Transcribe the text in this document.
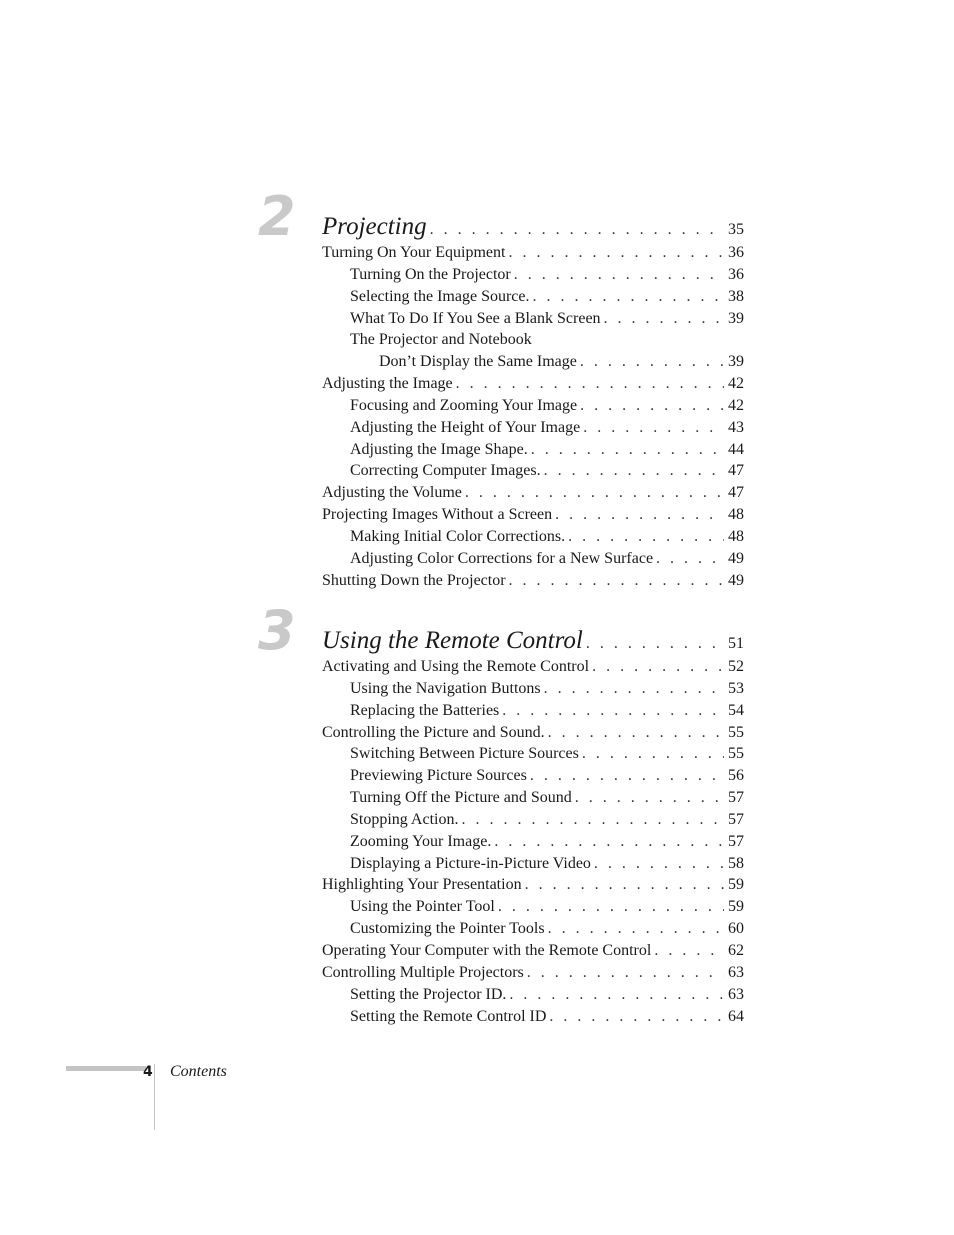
2 Projecting . . .	35
Turning On Your Equipment . . .	36
Turning On the Projector . . .	36
Selecting the Image Source. . . .	38
What To Do If You See a Blank Screen . . .	39
The Projector and Notebook
Don’t Display the Same Image . . .	39
Adjusting the Image . . .	42
Focusing and Zooming Your Image . . .	42
Adjusting the Height of Your Image . . .	43
Adjusting the Image Shape. . . .	44
Correcting Computer Images. . . .	47
Adjusting the Volume . . .	47
Projecting Images Without a Screen . . .	48
Making Initial Color Corrections. . . .	48
Adjusting Color Corrections for a New Surface . . .	49
Shutting Down the Projector . . .	49
3 Using the Remote Control . . .	51
Activating and Using the Remote Control . . .	52
Using the Navigation Buttons . . .	53
Replacing the Batteries . . .	54
Controlling the Picture and Sound. . . .	55
Switching Between Picture Sources . . .	55
Previewing Picture Sources . . .	56
Turning Off the Picture and Sound . . .	57
Stopping Action. . . .	57
Zooming Your Image. . . .	57
Displaying a Picture-in-Picture Video . . .	58
Highlighting Your Presentation . . .	59
Using the Pointer Tool . . .	59
Customizing the Pointer Tools . . .	60
Operating Your Computer with the Remote Control . . .	62
Controlling Multiple Projectors . . .	63
Setting the Projector ID. . . .	63
Setting the Remote Control ID . . .	64
4 Contents
